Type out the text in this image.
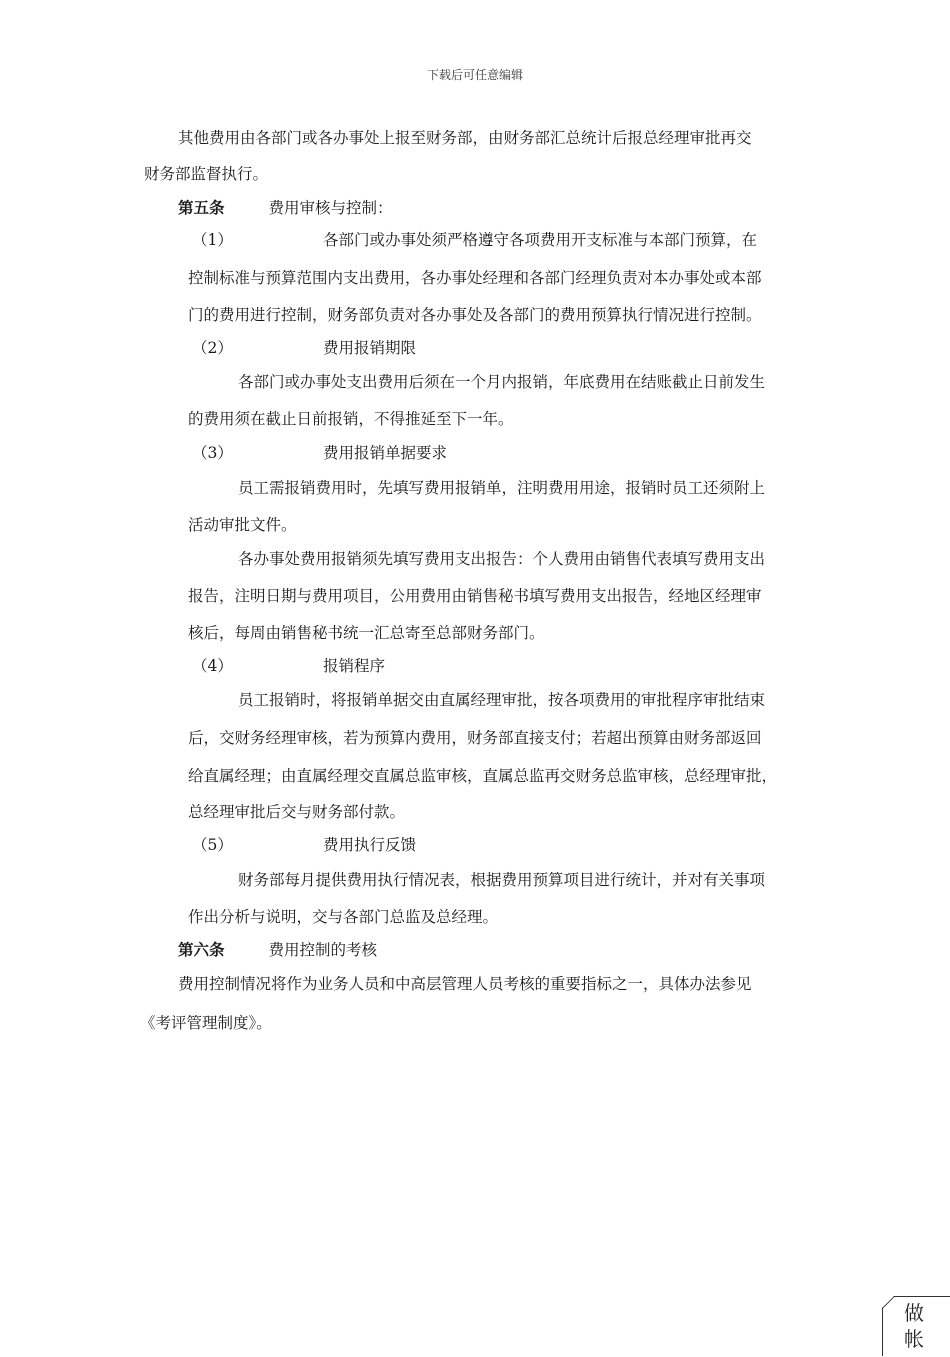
下载后可任意编辑
其他费用由各部门或各办事处上报至财务部，由财务部汇总统计后报总经理审批再交
财务部监督执行。
第五条	费用审核与控制：
（1）	各部门或办事处须严格遵守各项费用开支标准与本部门预算，在
控制标准与预算范围内支出费用，各办事处经理和各部门经理负责对本办事处或本部
门的费用进行控制，财务部负责对各办事处及各部门的费用预算执行情况进行控制。
（2）	费用报销期限
各部门或办事处支出费用后须在一个月内报销，年底费用在结账截止日前发生
的费用须在截止日前报销，不得推延至下一年。
（3）	费用报销单据要求
员工需报销费用时，先填写费用报销单，注明费用用途，报销时员工还须附上
活动审批文件。
各办事处费用报销须先填写费用支出报告：个人费用由销售代表填写费用支出
报告，注明日期与费用项目，公用费用由销售秘书填写费用支出报告，经地区经理审
核后，每周由销售秘书统一汇总寄至总部财务部门。
（4）	报销程序
员工报销时，将报销单据交由直属经理审批，按各项费用的审批程序审批结束
后，交财务经理审核，若为预算内费用，财务部直接支付；若超出预算由财务部返回
给直属经理；由直属经理交直属总监审核，直属总监再交财务总监审核，总经理审批，
总经理审批后交与财务部付款。
（5）	费用执行反馈
财务部每月提供费用执行情况表，根据费用预算项目进行统计，并对有关事项
作出分析与说明，交与各部门总监及总经理。
第六条	费用控制的考核
费用控制情况将作为业务人员和中高层管理人员考核的重要指标之一，具体办法参见
《考评管理制度》。
做帐
